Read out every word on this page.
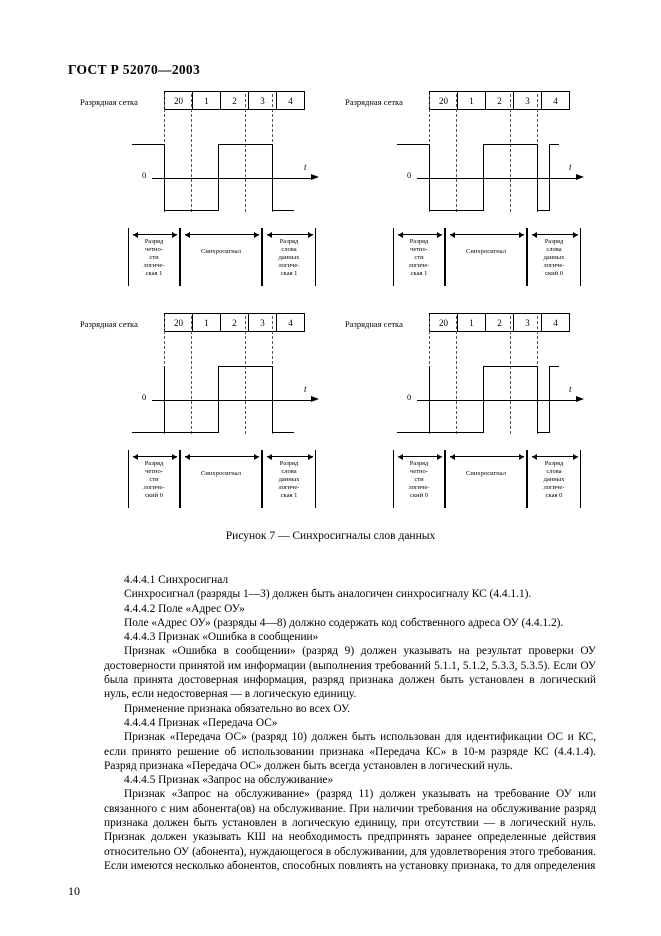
ГОСТ Р 52070—2003
Разрядная сетка	20	1	2	3	4
0
t
Разряд
четно-
сти
логиче-
ская 1
Синхросигнал
Разряд
слова
данных
логиче-
ская 1
Разрядная сетка	20	1	2	3	4
0
t
Разряд
четно-
сти
логиче-
ская 1
Синхросигнал
Разряд
слова
данных
логиче-
ский 0
Разрядная сетка	20	1	2	3	4
0
t
Разряд
четно-
сти
логиче-
ский 0
Синхросигнал
Разряд
слова
данных
логиче-
ская 1
Разрядная сетка	20	1	2	3	4
0
t
Разряд
четно-
сти
логиче-
ский 0
Синхросигнал
Разряд
слова
данных
логиче-
ская 0
Рисунок 7 — Синхросигналы слов данных

4.4.4.1 Синхросигнал

Синхросигнал (разряды 1—3) должен быть аналогичен синхросигналу КС (4.4.1.1).

4.4.4.2 Поле «Адрес ОУ»

Поле «Адрес ОУ» (разряды 4—8) должно содержать код собственного адреса ОУ (4.4.1.2).

4.4.4.3 Признак «Ошибка в сообщении»

Признак «Ошибка в сообщении» (разряд 9) должен указывать на результат проверки ОУ достоверности принятой им информации (выполнения требований 5.1.1, 5.1.2, 5.3.3, 5.3.5). Если ОУ была принята достоверная информация, разряд признака должен быть установлен в логический нуль, если недостоверная — в логическую единицу.

Применение признака обязательно во всех ОУ.

4.4.4.4 Признак «Передача ОС»

Признак «Передача ОС» (разряд 10) должен быть использован для идентификации ОС и КС, если принято решение об использовании признака «Передача КС» в 10-м разряде КС (4.4.1.4). Разряд признака «Передача ОС» должен быть всегда установлен в логический нуль.

4.4.4.5 Признак «Запрос на обслуживание»

Признак «Запрос на обслуживание» (разряд 11) должен указывать на требование ОУ или связанного с ним абонента(ов) на обслуживание. При наличии требования на обслуживание разряд признака должен быть установлен в логическую единицу, при отсутствии — в логический нуль. Признак должен указывать КШ на необходимость предпринять заранее определенные действия относительно ОУ (абонента), нуждающегося в обслуживании, для удовлетворения этого требования. Если имеются несколько абонентов, способных повлиять на установку признака, то для определения

10
